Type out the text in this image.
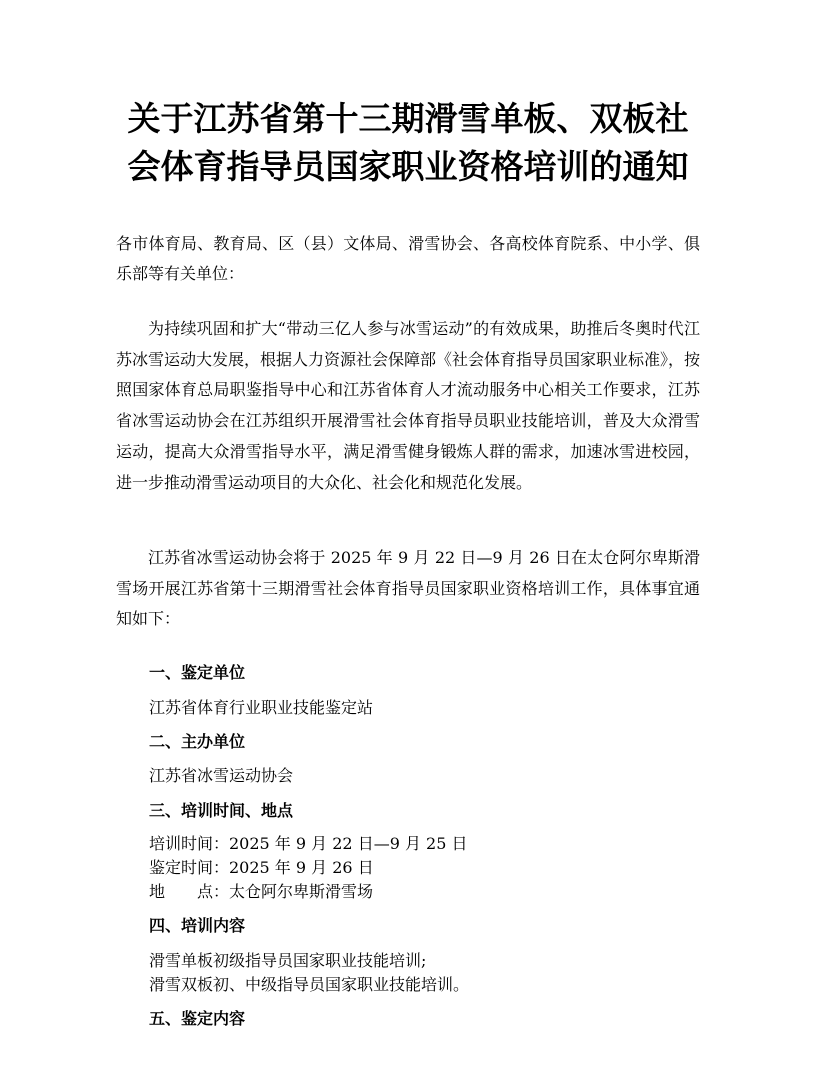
关于江苏省第十三期滑雪单板、双板社
会体育指导员国家职业资格培训的通知

各市体育局、教育局、区（县）文体局、滑雪协会、各高校体育院系、中小学、俱乐部等有关单位：

为持续巩固和扩大“带动三亿人参与冰雪运动”的有效成果，助推后冬奥时代江苏冰雪运动大发展，根据人力资源社会保障部《社会体育指导员国家职业标准》，按照国家体育总局职鉴指导中心和江苏省体育人才流动服务中心相关工作要求，江苏省冰雪运动协会在江苏组织开展滑雪社会体育指导员职业技能培训，普及大众滑雪运动，提高大众滑雪指导水平，满足滑雪健身锻炼人群的需求，加速冰雪进校园，进一步推动滑雪运动项目的大众化、社会化和规范化发展。

江苏省冰雪运动协会将于 2025 年 9 月 22 日—9 月 26 日在太仓阿尔卑斯滑雪场开展江苏省第十三期滑雪社会体育指导员国家职业资格培训工作，具体事宜通知如下：

一、鉴定单位

江苏省体育行业职业技能鉴定站

二、主办单位

江苏省冰雪运动协会

三、培训时间、地点

培训时间：2025 年 9 月 22 日—9 月 25 日

鉴定时间：2025 年 9 月 26 日

地　　点：太仓阿尔卑斯滑雪场

四、培训内容

滑雪单板初级指导员国家职业技能培训;

滑雪双板初、中级指导员国家职业技能培训。

五、鉴定内容
